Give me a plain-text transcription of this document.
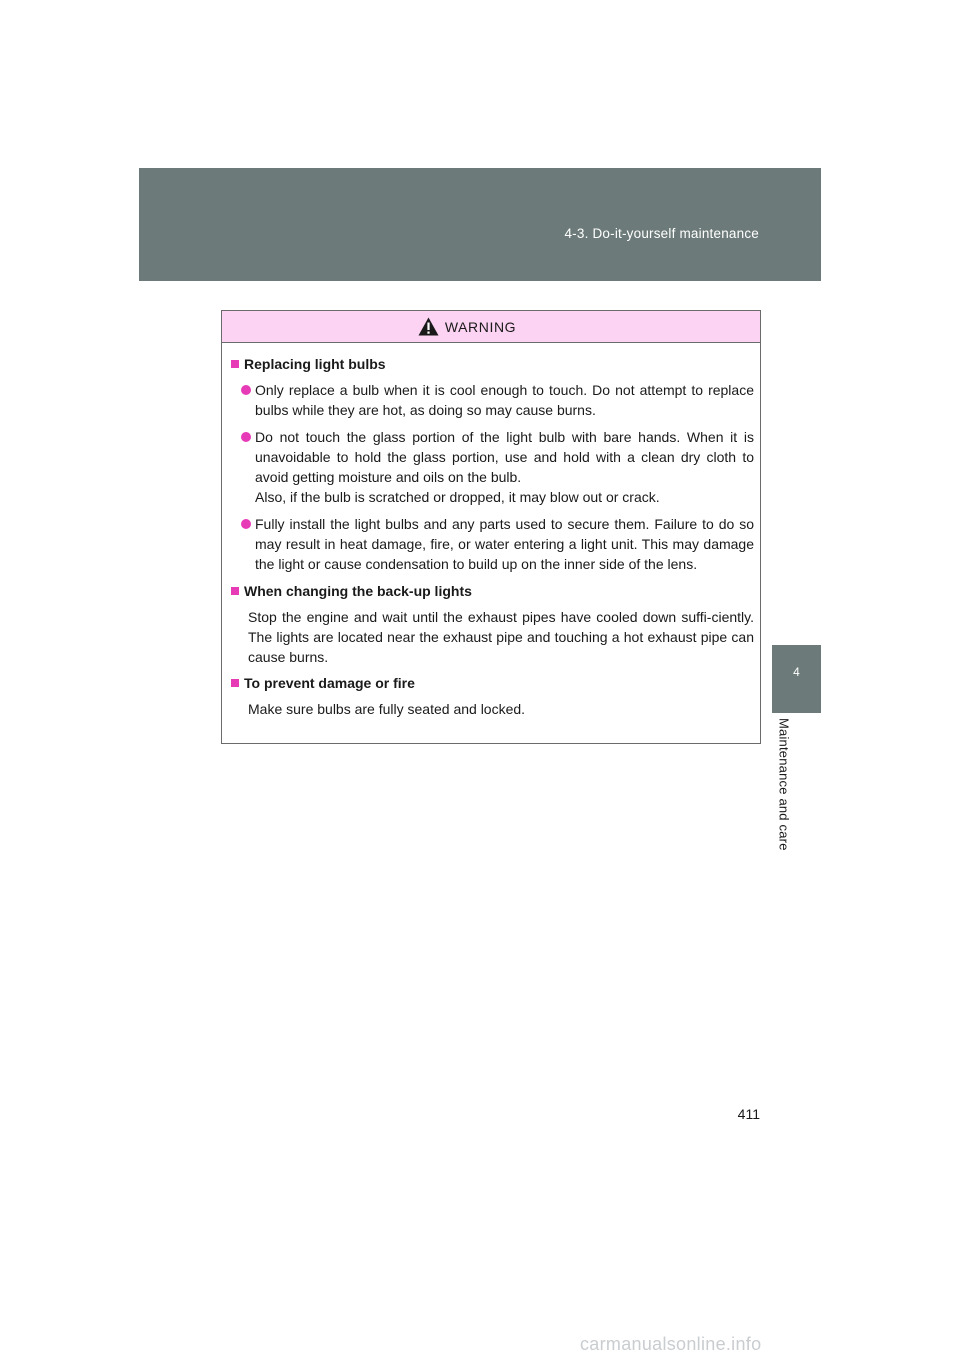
4-3. Do-it-yourself maintenance
4
Maintenance and care
WARNING
Replacing light bulbs
Only replace a bulb when it is cool enough to touch. Do not attempt to replace bulbs while they are hot, as doing so may cause burns.
Do not touch the glass portion of the light bulb with bare hands. When it is unavoidable to hold the glass portion, use and hold with a clean dry cloth to avoid getting moisture and oils on the bulb.
Also, if the bulb is scratched or dropped, it may blow out or crack.
Fully install the light bulbs and any parts used to secure them. Failure to do so may result in heat damage, fire, or water entering a light unit. This may damage the light or cause condensation to build up on the inner side of the lens.
When changing the back-up lights
Stop the engine and wait until the exhaust pipes have cooled down suffi-ciently. The lights are located near the exhaust pipe and touching a hot exhaust pipe can cause burns.
To prevent damage or fire
Make sure bulbs are fully seated and locked.
411
carmanualsonline.info
